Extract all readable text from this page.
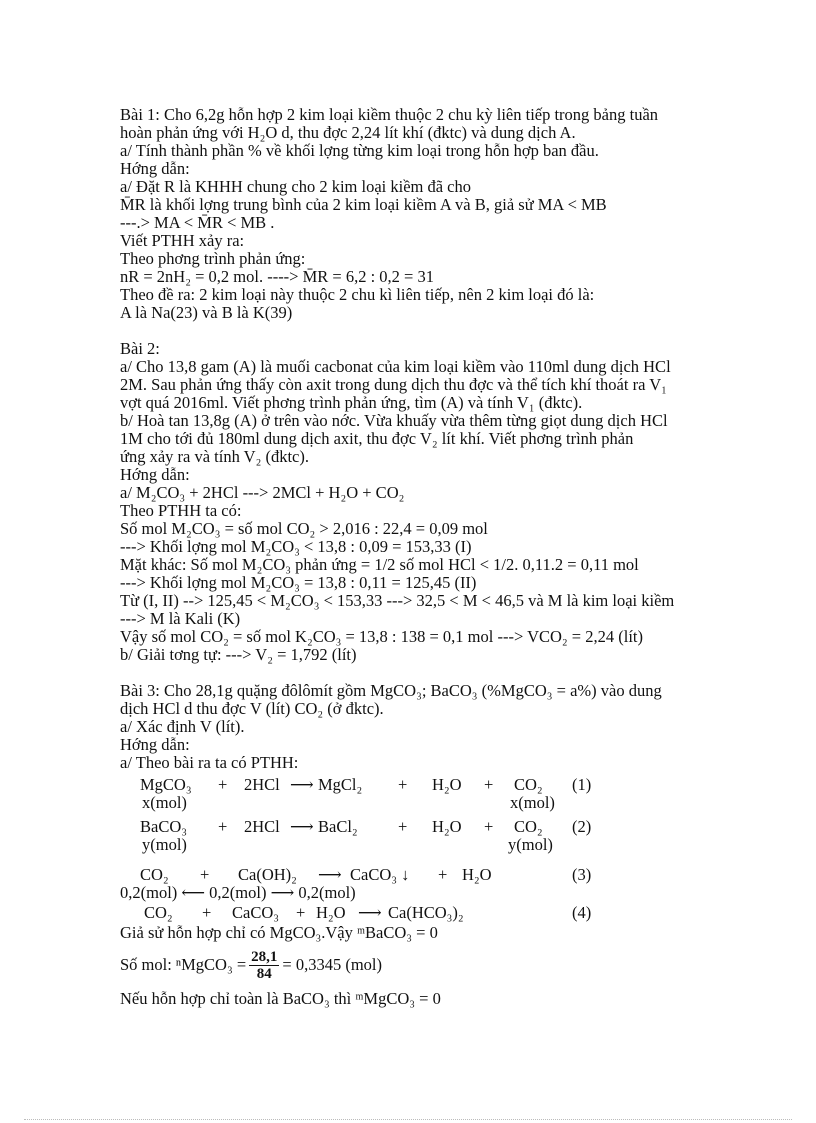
Bài 1: Cho 6,2g hỗn hợp 2 kim loại kiềm thuộc 2 chu kỳ liên tiếp trong bảng tuần
hoàn phản ứng với H₂O d, thu đợc 2,24 lít khí (đktc) và dung dịch A.
a/ Tính thành phần % về khối lợng từng kim loại trong hỗn hợp ban đầu.
Hớng dẫn:
a/ Đặt R là KHHH chung cho 2 kim loại kiềm đã cho
M̄R là khối lợng trung bình của 2 kim loại kiềm A và B, giả sử MA < MB
---.> MA < M̄R < MB .
Viết PTHH xảy ra:
Theo phơng trình phản ứng:
nR = 2nH₂ = 0,2 mol. ----> M̄R = 6,2 : 0,2 = 31
Theo đề ra: 2 kim loại này thuộc 2 chu kì liên tiếp, nên 2 kim loại đó là:
A là Na(23) và B là K(39)
Bài 2:
a/ Cho 13,8 gam (A) là muối cacbonat của kim loại kiềm vào 110ml dung dịch HCl
2M. Sau phản ứng thấy còn axit trong dung dịch thu đợc và thể tích khí thoát ra V₁
vợt quá 2016ml. Viết phơng trình phản ứng, tìm (A) và tính V₁ (đktc).
b/ Hoà tan 13,8g (A) ở trên vào nớc. Vừa khuấy vừa thêm từng giọt dung dịch HCl
1M cho tới đủ 180ml dung dịch axit, thu đợc V₂ lít khí. Viết phơng trình phản
ứng xảy ra và tính V₂ (đktc).
Hớng dẫn:
a/ M₂CO₃ + 2HCl ---> 2MCl + H₂O + CO₂
Theo PTHH ta có:
Số mol M₂CO₃ = số mol CO₂ > 2,016 : 22,4 = 0,09 mol
---> Khối lợng mol M₂CO₃ < 13,8 : 0,09 = 153,33 (I)
Mặt khác: Số mol M₂CO₃ phản ứng = 1/2 số mol HCl < 1/2. 0,11.2 = 0,11 mol
---> Khối lợng mol M₂CO₃ = 13,8 : 0,11 = 125,45 (II)
Từ (I, II) --> 125,45 < M₂CO₃ < 153,33 ---> 32,5 < M < 46,5 và M là kim loại kiềm
---> M là Kali (K)
Vậy số mol CO₂ = số mol K₂CO₃ = 13,8 : 138 = 0,1 mol ---> VCO₂ = 2,24 (lít)
b/ Giải tơng tự: ---> V₂ = 1,792 (lít)
Bài 3: Cho 28,1g quặng đôlômít gồm MgCO₃; BaCO₃ (%MgCO₃ = a%) vào dung
dịch HCl d thu đợc V (lít) CO₂ (ở đktc).
a/ Xác định V (lít).
Hớng dẫn:
a/ Theo bài ra ta có PTHH:
MgCO₃ + 2HCl ⟶ MgCl₂ + H₂O + CO₂ (1)
x(mol)	x(mol)
BaCO₃ + 2HCl ⟶ BaCl₂ + H₂O + CO₂ (2)
y(mol)	y(mol)
CO₂ + Ca(OH)₂ ⟶ CaCO₃ ↓ + H₂O	(3)
0,2(mol) ⟵ 0,2(mol) ⟶ 0,2(mol)
CO₂ + CaCO₃ + H₂O ⟶ Ca(HCO₃)₂	(4)
Giả sử hỗn hợp chỉ có MgCO₃.Vậy ᵐBaCO₃ = 0
Số mol: ⁿMgCO₃ = $\frac{28,1}{84} = 0,3345$ (mol)
Nếu hỗn hợp chỉ toàn là BaCO₃ thì ᵐMgCO₃ = 0
